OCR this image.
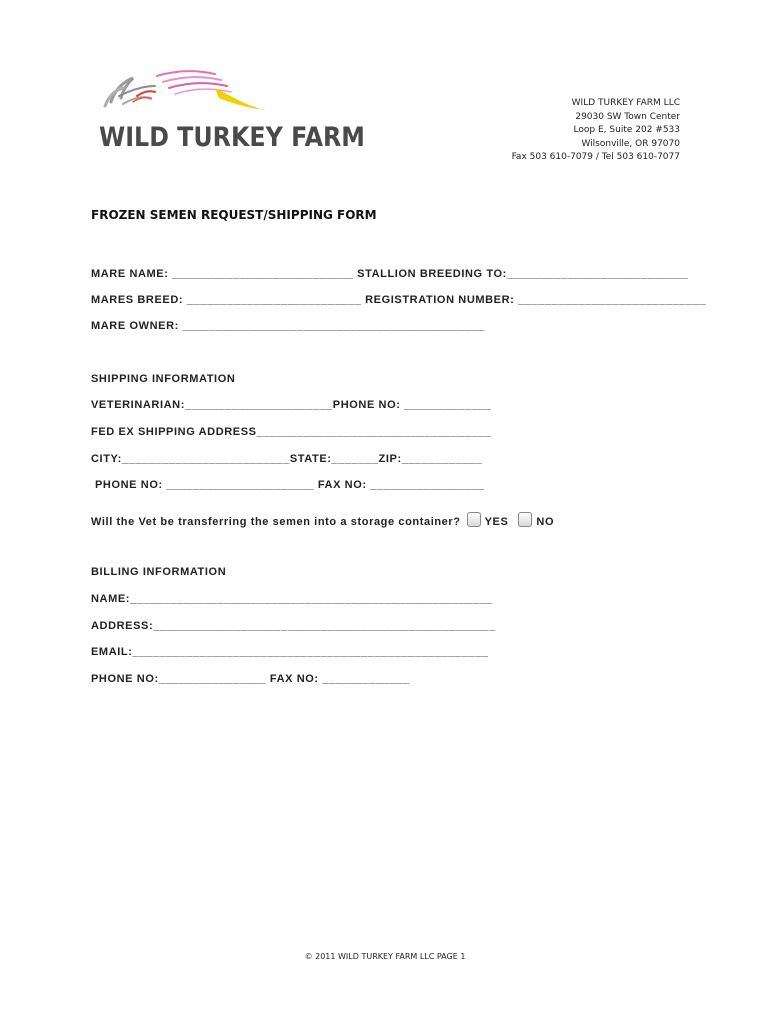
WILD TURKEY FARM
WILD TURKEY FARM LLC
29030 SW Town Center
Loop E, Suite 202 #533
Wilsonville, OR 97070
Fax 503 610-7079 / Tel 503 610-7077
FROZEN SEMEN REQUEST/SHIPPING FORM
MARE NAME: ___________________________ STALLION BREEDING TO:___________________________
MARES BREED: __________________________ REGISTRATION NUMBER: ____________________________
MARE OWNER: _____________________________________________
SHIPPING INFORMATION
VETERINARIAN:______________________PHONE NO: _____________
FED EX SHIPPING ADDRESS___________________________________
CITY:_________________________STATE:_______ZIP:____________
PHONE NO: ______________________ FAX NO: _________________
Will the Vet be transferring the semen into a storage container? YES	NO
BILLING INFORMATION
NAME:______________________________________________________
ADDRESS:___________________________________________________
EMAIL:_____________________________________________________
PHONE NO:________________ FAX NO: _____________
© 2011 WILD TURKEY FARM LLC PAGE 1
